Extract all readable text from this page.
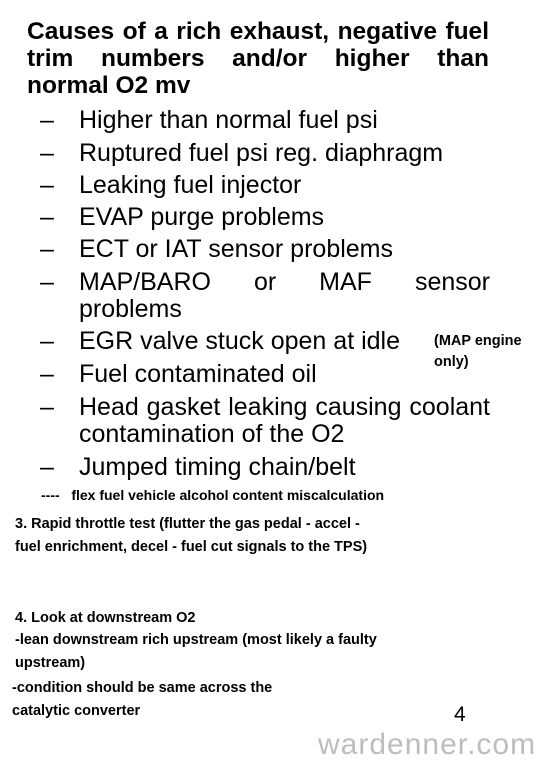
Causes of a rich exhaust, negative fuel trim numbers and/or higher than normal O2 mv
–	Higher than normal fuel psi
–	Ruptured fuel psi reg. diaphragm
–	Leaking fuel injector
–	EVAP purge problems
–	ECT or IAT sensor problems
–	MAP/BARO or MAF sensor problems
–	EGR valve stuck open at idle
–	Fuel contaminated oil
–	Head gasket leaking causing coolant contamination of the O2
–	Jumped timing chain/belt
(MAP engine only)
----   flex fuel vehicle alcohol content miscalculation
3. Rapid throttle test (flutter the gas pedal - accel - fuel enrichment, decel - fuel cut signals to the TPS)
4. Look at downstream O2
-lean downstream rich upstream (most likely a faulty upstream)
-condition should be same across the catalytic converter	4
wardenner.com
